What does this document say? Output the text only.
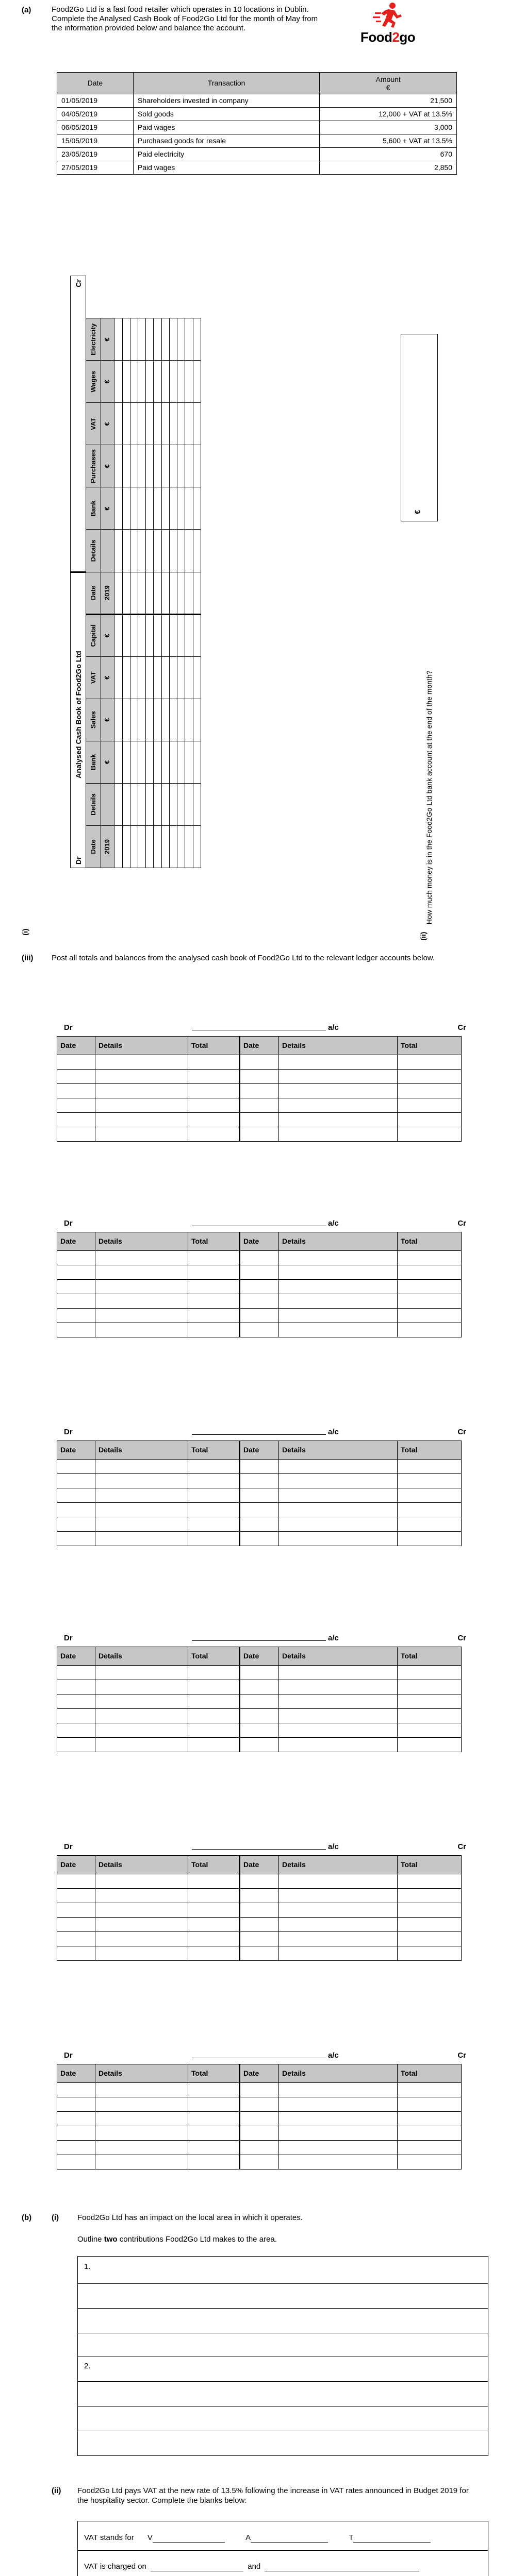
(a)	Food2Go Ltd is a fast food retailer which operates in 10 locations in Dublin. Complete the Analysed Cash Book of Food2Go Ltd for the month of May from the information provided below and balance the account.
Food2go
Date	Transaction	Amount
€
01/05/2019	Shareholders invested in company	21,500
04/05/2019	Sold goods	12,000 + VAT at 13.5%
06/05/2019	Paid wages	3,000
15/05/2019	Purchased goods for resale	5,600 + VAT at 13.5%
23/05/2019	Paid electricity	670
27/05/2019	Paid wages	2,850
Dr
Analysed Cash Book of Food2Go Ltd							Cr					

Date	Details	Bank	Sales	VAT	Capital	Date	Details	Bank	Purchases	VAT	Wages	Electricity
2019		€	€	€	€	2019		€	€	€	€	€

(i)	(ii)
How much money is in the Food2Go Ltd bank account at the end of the month?
€
(iii) Post all totals and balances from the analysed cash book of Food2Go Ltd to the relevant ledger accounts below.
Dr	a/c	Cr
Date	Details	Total	Date	Details	Total

Dr	a/c	Cr
Date	Details	Total	Date	Details	Total

Dr	a/c	Cr
Date	Details	Total	Date	Details	Total

Dr	a/c	Cr
Date	Details	Total	Date	Details	Total

Dr	a/c	Cr
Date	Details	Total	Date	Details	Total

Dr	a/c	Cr
Date	Details	Total	Date	Details	Total

(b)	(i) Food2Go Ltd has an impact on the local area in which it operates.
Outline two contributions Food2Go Ltd makes to the area.
1.
2.
(ii) Food2Go Ltd pays VAT at the new rate of 13.5% following the increase in VAT rates announced in Budget 2019 for the hospitality sector. Complete the blanks below:
VAT stands for V	A	T
VAT is charged on	and
